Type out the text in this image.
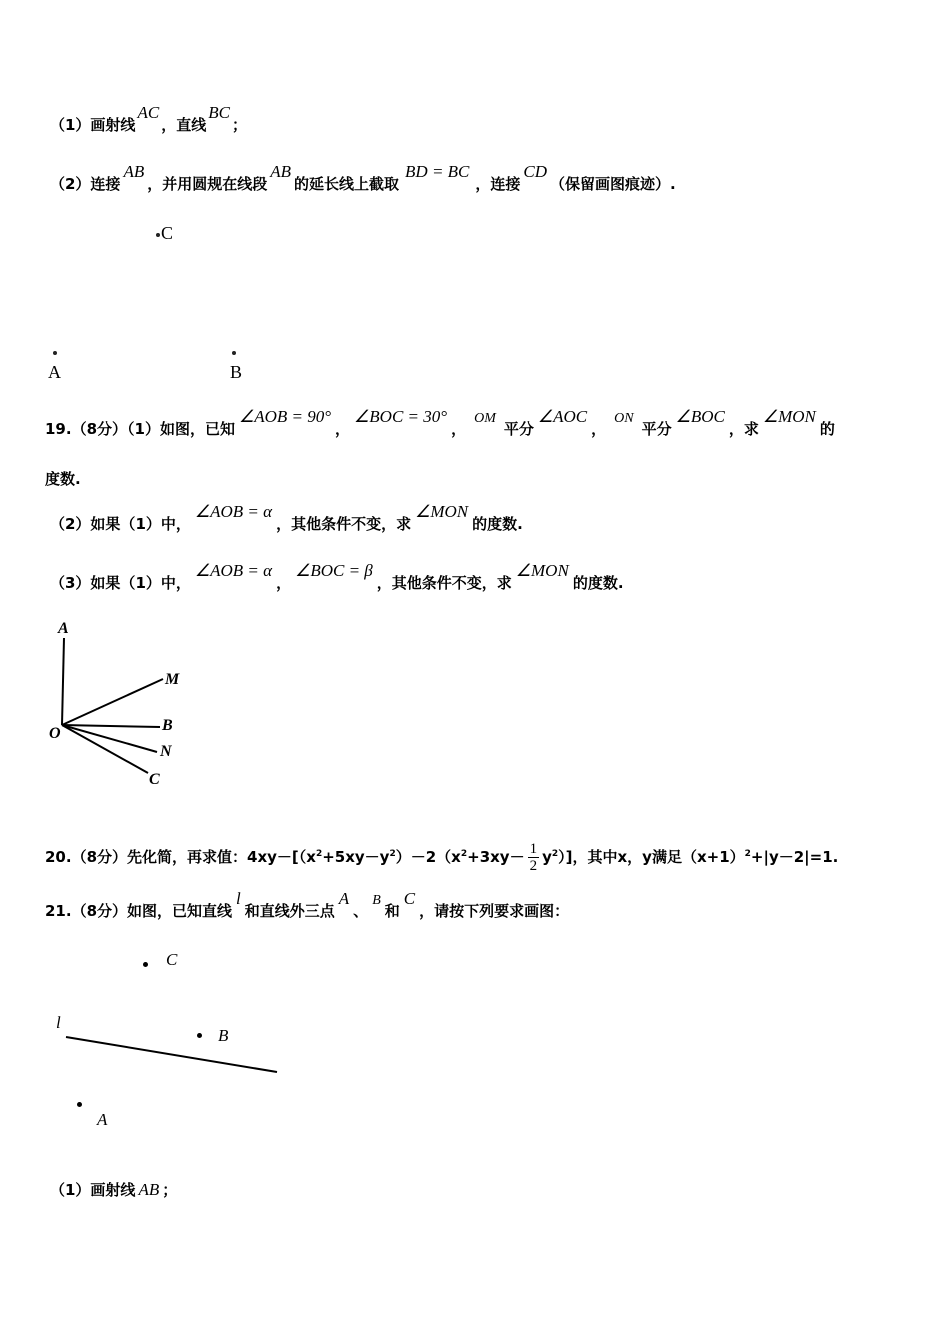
（1）画射线AC，直线BC；
（2）连接AB，并用圆规在线段AB的延长线上截取BD = BC，连接CD（保留画图痕迹）.
C
A	B
19.（8分）（1）如图，已知∠AOB = 90°，∠BOC = 30°，OM平分∠AOC，ON平分∠BOC，求∠MON的
度数.
（2）如果（1）中，∠AOB = α，其他条件不变，求∠MON的度数.
（3）如果（1）中，∠AOB = α，∠BOC = β，其他条件不变，求∠MON的度数.
A
M
B
N
C
O
20.（8分）先化简，再求值：$4xy-[(x^2+5xy-y^2)-2(x^2+3xy- \frac{1}{2} y^2)]$，其中x，y满足$(x+1)^2+|y-2|=1$.
21.（8分）如图，已知直线l和直线外三点A、B和C，请按下列要求画图：
C
l
B
A
（1）画射线 AB ；
